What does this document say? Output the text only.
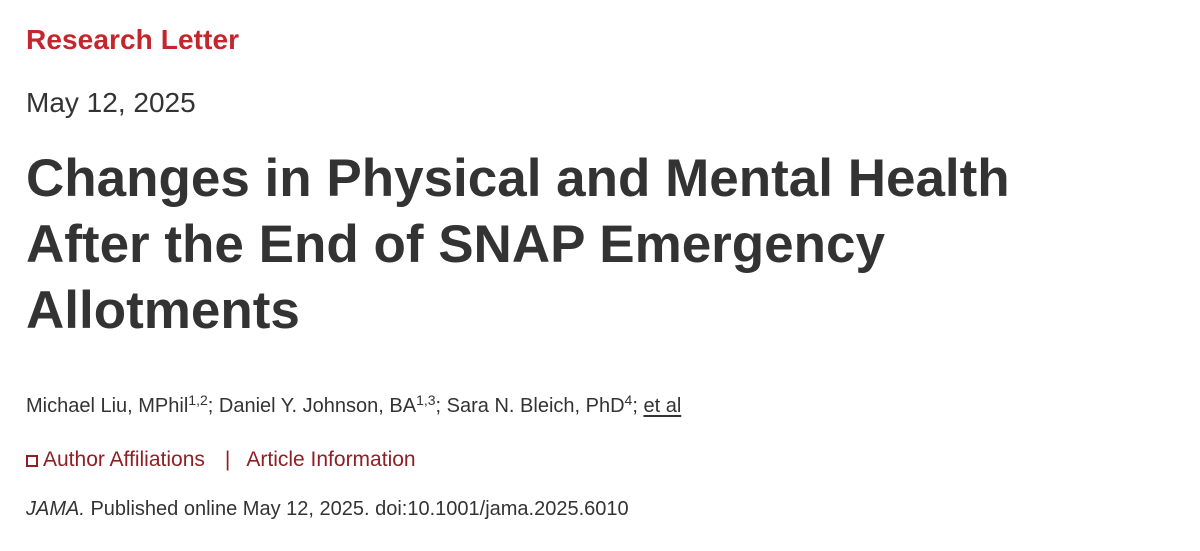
Research Letter
May 12, 2025
Changes in Physical and Mental Health
After the End of SNAP Emergency
Allotments
Michael Liu, MPhil$^{1,2}$; Daniel Y. Johnson, BA$^{1,3}$; Sara N. Bleich, PhD$^4$; et al
Author Affiliations | Article Information
JAMA. Published online May 12, 2025. doi:10.1001/jama.2025.6010
